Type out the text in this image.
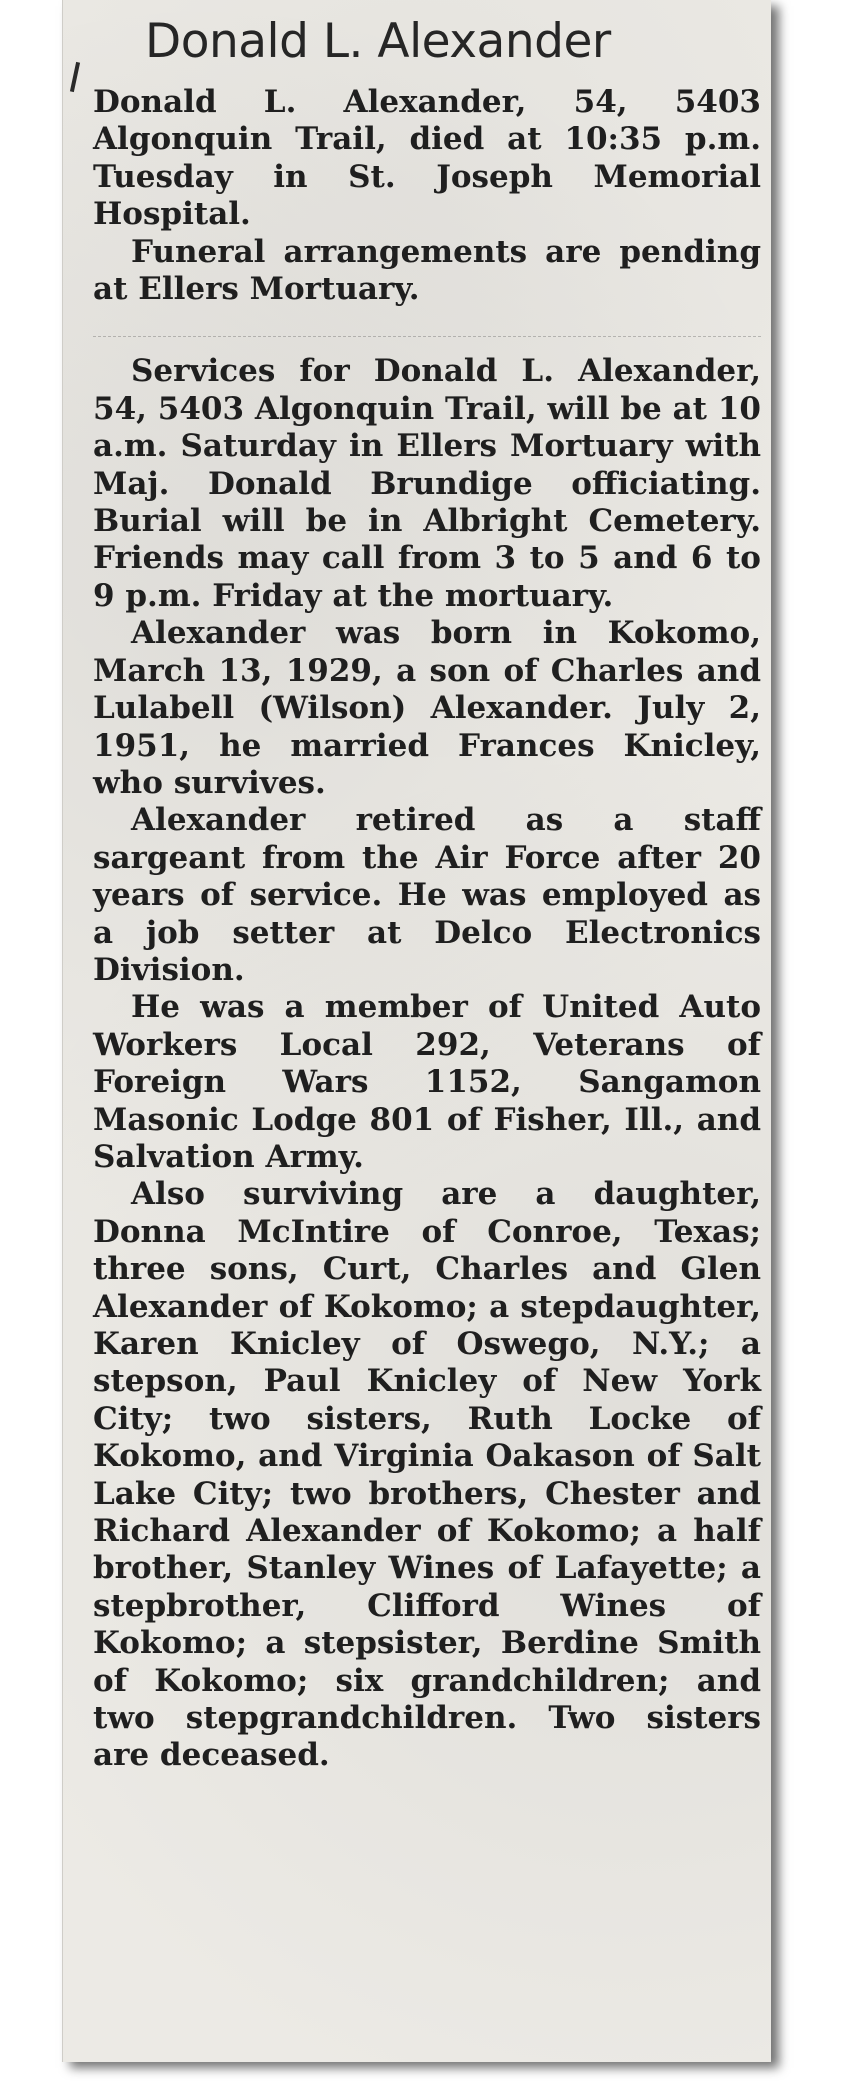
Donald L. Alexander

Donald L. Alexander, 54, 5403 Algonquin Trail, died at 10:35 p.m. Tuesday in St. Joseph Memorial Hospital.

Funeral arrangements are pending at Ellers Mortuary.

Services for Donald L. Alexander, 54, 5403 Algonquin Trail, will be at 10 a.m. Saturday in Ellers Mortuary with Maj. Donald Brundige officiating. Burial will be in Albright Cemetery. Friends may call from 3 to 5 and 6 to 9 p.m. Friday at the mortuary.

Alexander was born in Kokomo, March 13, 1929, a son of Charles and Lulabell (Wilson) Alexander. July 2, 1951, he married Frances Knicley, who survives.

Alexander retired as a staff sargeant from the Air Force after 20 years of service. He was employed as a job setter at Delco Electronics Division.

He was a member of United Auto Workers Local 292, Veterans of Foreign Wars 1152, Sangamon Masonic Lodge 801 of Fisher, Ill., and Salvation Army.

Also surviving are a daughter, Donna McIntire of Conroe, Texas; three sons, Curt, Charles and Glen Alexander of Kokomo; a stepdaughter, Karen Knicley of Oswego, N.Y.; a stepson, Paul Knicley of New York City; two sisters, Ruth Locke of Kokomo, and Virginia Oakason of Salt Lake City; two brothers, Chester and Richard Alexander of Kokomo; a half brother, Stanley Wines of Lafayette; a stepbrother, Clifford Wines of Kokomo; a stepsister, Berdine Smith of Kokomo; six grandchildren; and two stepgrandchildren. Two sisters are deceased.
